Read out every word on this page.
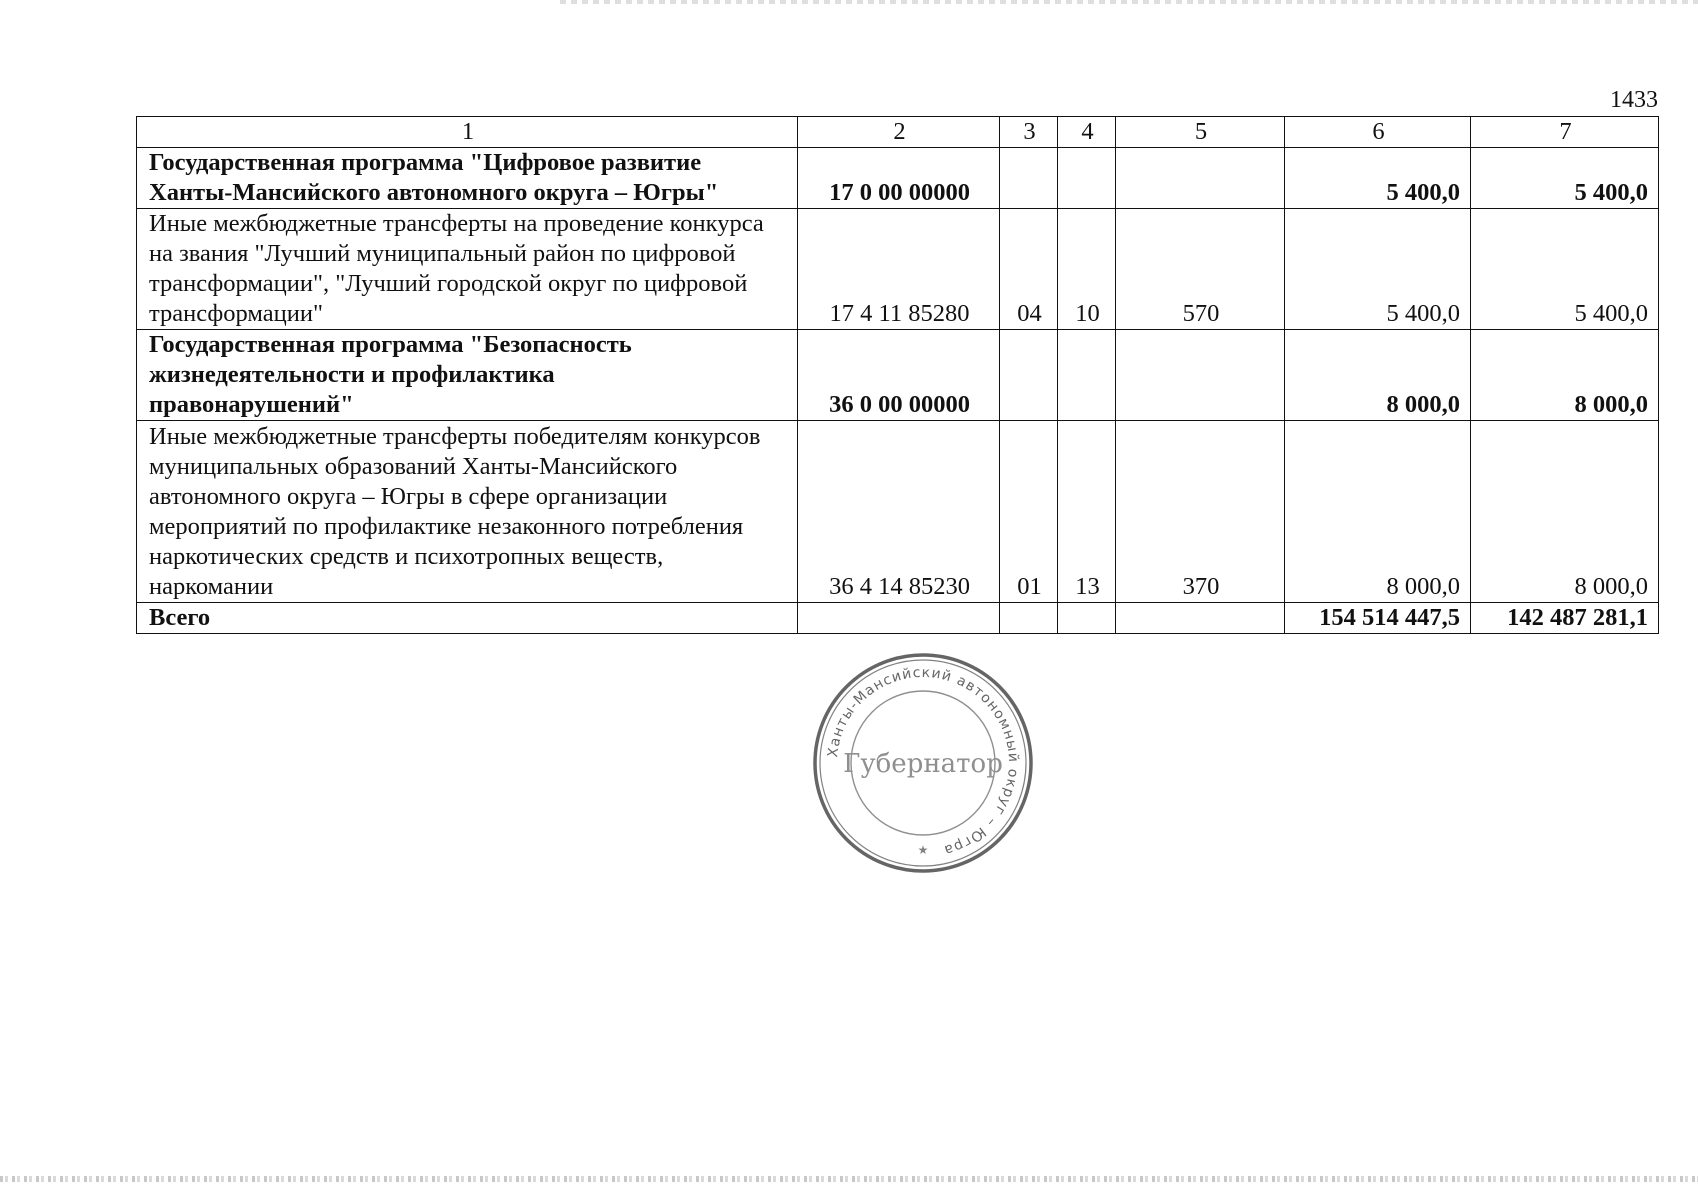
1433
1	2	3	4	5	6	7
Государственная программа "Цифровое развитие Ханты-Мансийского автономного округа – Югры"	17 0 00 00000				5 400,0	5 400,0
Иные межбюджетные трансферты на проведение конкурса на звания "Лучший муниципальный район по цифровой трансформации", "Лучший городской округ по цифровой трансформации"	17 4 11 85280	04	10	570	5 400,0	5 400,0
Государственная программа "Безопасность жизнедеятельности и профилактика правонарушений"	36 0 00 00000				8 000,0	8 000,0
Иные межбюджетные трансферты победителям конкурсов муниципальных образований Ханты-Мансийского автономного округа – Югры в сфере организации мероприятий по профилактике незаконного потребления наркотических средств и психотропных веществ, наркомании	36 4 14 85230	01	13	370	8 000,0	8 000,0
Всего					154 514 447,5	142 487 281,1
Ханты-Мансийский автономный округ – Югра
Губернатор
★
